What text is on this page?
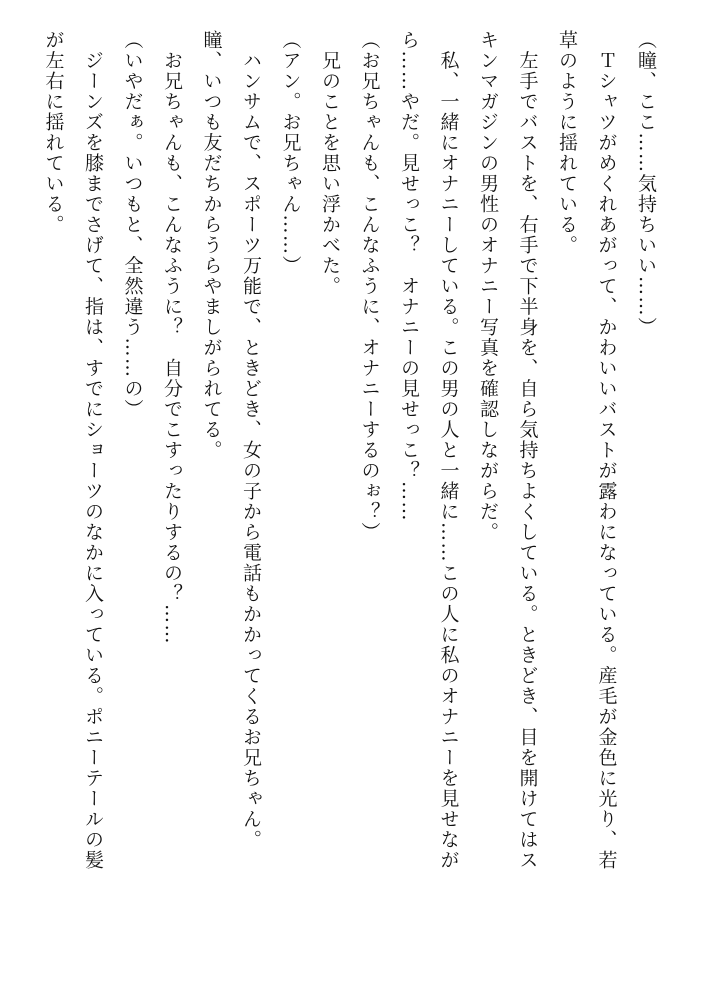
（瞳、ここ……気持ちいい……）
　Ｔシャツがめくれあがって、かわいいバストが露わになっている。産毛が金色に光り、若
草のように揺れている。
　左手でバストを、右手で下半身を、自ら気持ちよくしている。ときどき、目を開けてはス
キンマガジンの男性のオナニー写真を確認しながらだ。
　私、一緒にオナニーしている。この男の人と一緒に……この人に私のオナニーを見せなが
ら……やだ。見せっこ？　オナニーの見せっこ？……
（お兄ちゃんも、こんなふうに、オナニーするのぉ？）
　兄のことを思い浮かべた。
（アン。お兄ちゃん……）
　ハンサムで、スポーツ万能で、ときどき、女の子から電話もかかってくるお兄ちゃん。
瞳、いつも友だちからうらやましがられてる。
　お兄ちゃんも、こんなふうに？　自分でこすったりするの？……
（いやだぁ。いつもと、全然違う……の）
　ジーンズを膝までさげて、指は、すでにショーツのなかに入っている。ポニーテールの髪
が左右に揺れている。
